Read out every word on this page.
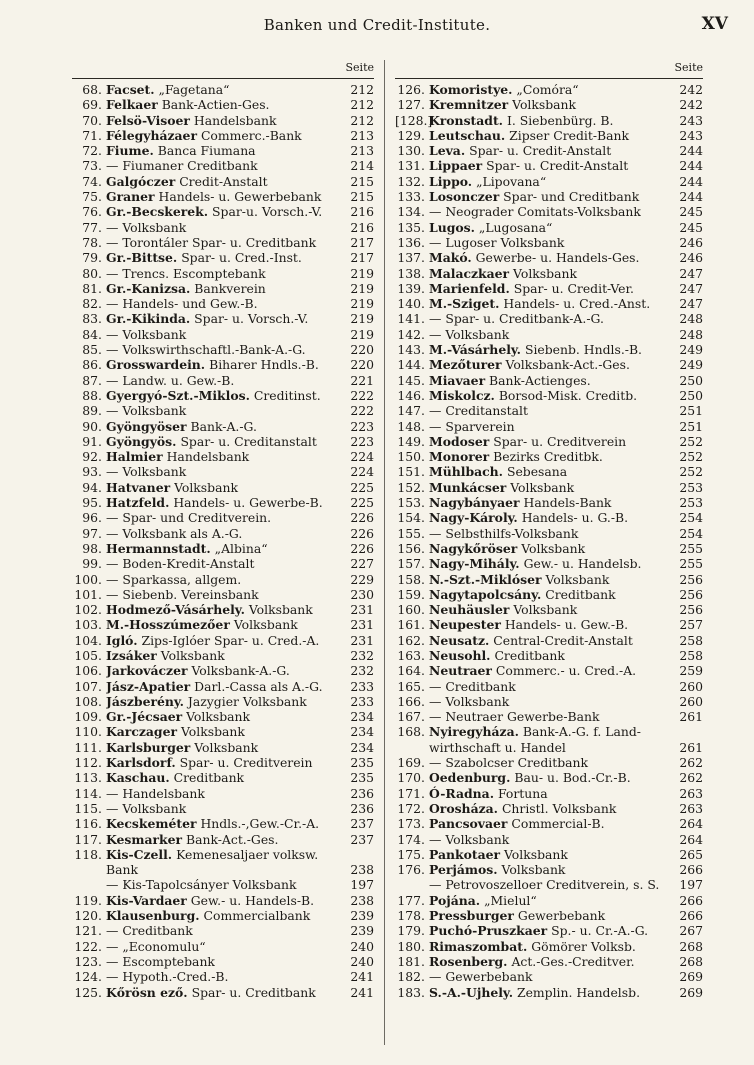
Banken und Credit-Institute.	XV
Seite
68. Facset. „Fagetana“	212
69. Felkaer Bank-Actien-Ges.	212
70. Felsö-Visoer Handelsbank	212
71. Félegyházaer Commerc.-Bank	213
72. Fiume. Banca Fiumana	213
73. — Fiumaner Creditbank	214
74. Galgóczer Credit-Anstalt	215
75. Graner Handels- u. Gewerbebank	215
76. Gr.-Becskerek. Spar-u. Vorsch.-V.	216
77. — Volksbank	216
78. — Torontáler Spar- u. Creditbank	217
79. Gr.-Bittse. Spar- u. Cred.-Inst.	217
80. — Trencs. Escomptebank	219
81. Gr.-Kanizsa. Bankverein	219
82. — Handels- und Gew.-B.	219
83. Gr.-Kikinda. Spar- u. Vorsch.-V.	219
84. — Volksbank	219
85. — Volkswirthschaftl.-Bank-A.-G.	220
86. Grosswardein. Biharer Hndls.-B.	220
87. — Landw. u. Gew.-B.	221
88. Gyergyó-Szt.-Miklos. Creditinst.	222
89. — Volksbank	222
90. Gyöngyöser Bank-A.-G.	223
91. Gyöngyös. Spar- u. Creditanstalt	223
92. Halmier Handelsbank	224
93. — Volksbank	224
94. Hatvaner Volksbank	225
95. Hatzfeld. Handels- u. Gewerbe-B.	225
96. — Spar- und Creditverein.	226
97. — Volksbank als A.-G.	226
98. Hermannstadt. „Albina“	226
99. — Boden-Kredit-Anstalt	227
100. — Sparkassa, allgem.	229
101. — Siebenb. Vereinsbank	230
102. Hodmező-Vásárhely. Volksbank	231
103. M.-Hosszúmezőer Volksbank	231
104. Igló. Zips-Iglóer Spar- u. Cred.-A.	231
105. Izsáker Volksbank	232
106. Jarkováczer Volksbank-A.-G.	232
107. Jász-Apatier Darl.-Cassa als A.-G.	233
108. Jászberény. Jazygier Volksbank	233
109. Gr.-Jécsaer Volksbank	234
110. Karczager Volksbank	234
111. Karlsburger Volksbank	234
112. Karlsdorf. Spar- u. Creditverein	235
113. Kaschau. Creditbank	235
114. — Handelsbank	236
115. — Volksbank	236
116. Kecskeméter Hndls.-,Gew.-Cr.-A.	237
117. Kesmarker Bank-Act.-Ges.	237
118. Kis-Czell. Kemenesaljaer volksw.
Bank	238
— Kis-Tapolcsányer Volksbank	197
119. Kis-Vardaer Gew.- u. Handels-B.	238
120. Klausenburg. Commercialbank	239
121. — Creditbank	239
122. — „Economulu“	240
123. — Escomptebank	240
124. — Hypoth.-Cred.-B.	241
125. Kőrösn ező. Spar- u. Creditbank	241
Seite
126. Komoristye. „Comóra“	242
127. Kremnitzer Volksbank	242
[128.]
Kronstadt. I. Siebenbürg. B.	243
129. Leutschau. Zipser Credit-Bank	243
130. Leva. Spar- u. Credit-Anstalt	244
131. Lippaer Spar- u. Credit-Anstalt	244
132. Lippo. „Lipovana“	244
133. Losonczer Spar- und Creditbank	244
134. — Neograder Comitats-Volksbank	245
135. Lugos. „Lugosana“	245
136. — Lugoser Volksbank	246
137. Makó. Gewerbe- u. Handels-Ges.	246
138. Malaczkaer Volksbank	247
139. Marienfeld. Spar- u. Credit-Ver.	247
140. M.-Sziget. Handels- u. Cred.-Anst.	247
141. — Spar- u. Creditbank-A.-G.	248
142. — Volksbank	248
143. M.-Vásárhely. Siebenb. Hndls.-B.	249
144. Mezőturer Volksbank-Act.-Ges.	249
145. Miavaer Bank-Actienges.	250
146. Miskolcz. Borsod-Misk. Creditb.	250
147. — Creditanstalt	251
148. — Sparverein	251
149. Modoser Spar- u. Creditverein	252
150. Monorer Bezirks Creditbk.	252
151. Mühlbach. Sebesana	252
152. Munkácser Volksbank	253
153. Nagybányaer Handels-Bank	253
154. Nagy-Károly. Handels- u. G.-B.	254
155. — Selbsthilfs-Volksbank	254
156. Nagykőröser Volksbank	255
157. Nagy-Mihály. Gew.- u. Handelsb.	255
158. N.-Szt.-Miklóser Volksbank	256
159. Nagytapolcsány. Creditbank	256
160. Neuhäusler Volksbank	256
161. Neupester Handels- u. Gew.-B.	257
162. Neusatz. Central-Credit-Anstalt	258
163. Neusohl. Creditbank	258
164. Neutraer Commerc.- u. Cred.-A.	259
165. — Creditbank	260
166. — Volksbank	260
167. — Neutraer Gewerbe-Bank	261
168. Nyiregyháza. Bank-A.-G. f. Land-
wirthschaft u. Handel	261
169. — Szabolcser Creditbank	262
170. Oedenburg. Bau- u. Bod.-Cr.-B.	262
171. Ó-Radna. Fortuna	263
172. Orosháza. Christl. Volksbank	263
173. Pancsovaer Commercial-B.	264
174. — Volksbank	264
175. Pankotaer Volksbank	265
176. Perjámos. Volksbank	266
— Petrovoszelloer Creditverein, s. S.	197
177. Pojána. „Mielul“	266
178. Pressburger Gewerbebank	266
179. Puchó-Pruszkaer Sp.- u. Cr.-A.-G.	267
180. Rimaszombat. Gömörer Volksb.	268
181. Rosenberg. Act.-Ges.-Creditver.	268
182. — Gewerbebank	269
183. S.-A.-Ujhely. Zemplin. Handelsb.	269
